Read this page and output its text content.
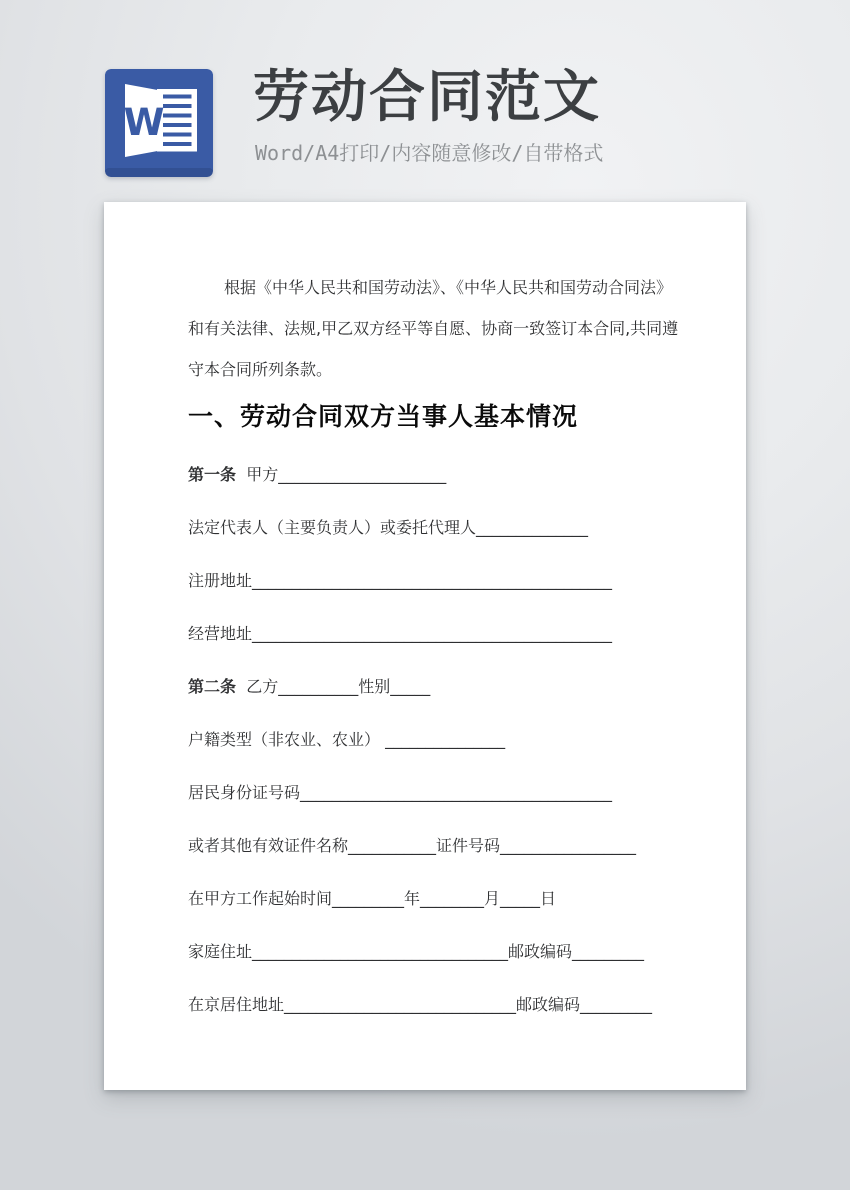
W 劳动合同范文

Word/A4打印/内容随意修改/自带格式

根据《中华人民共和国劳动法》、《中华人民共和国劳动合同法》和有关法律、法规,甲乙双方经平等自愿、协商一致签订本合同,共同遵守本合同所列条款。

一、劳动合同双方当事人基本情况

第一条  甲方_____________________

法定代表人（主要负责人）或委托代理人______________

注册地址_____________________________________________

经营地址_____________________________________________

第二条  乙方__________性别_____

户籍类型（非农业、农业） _______________

居民身份证号码_______________________________________

或者其他有效证件名称___________证件号码_________________

在甲方工作起始时间_________年________月_____日

家庭住址________________________________邮政编码_________

在京居住地址_____________________________邮政编码_________
